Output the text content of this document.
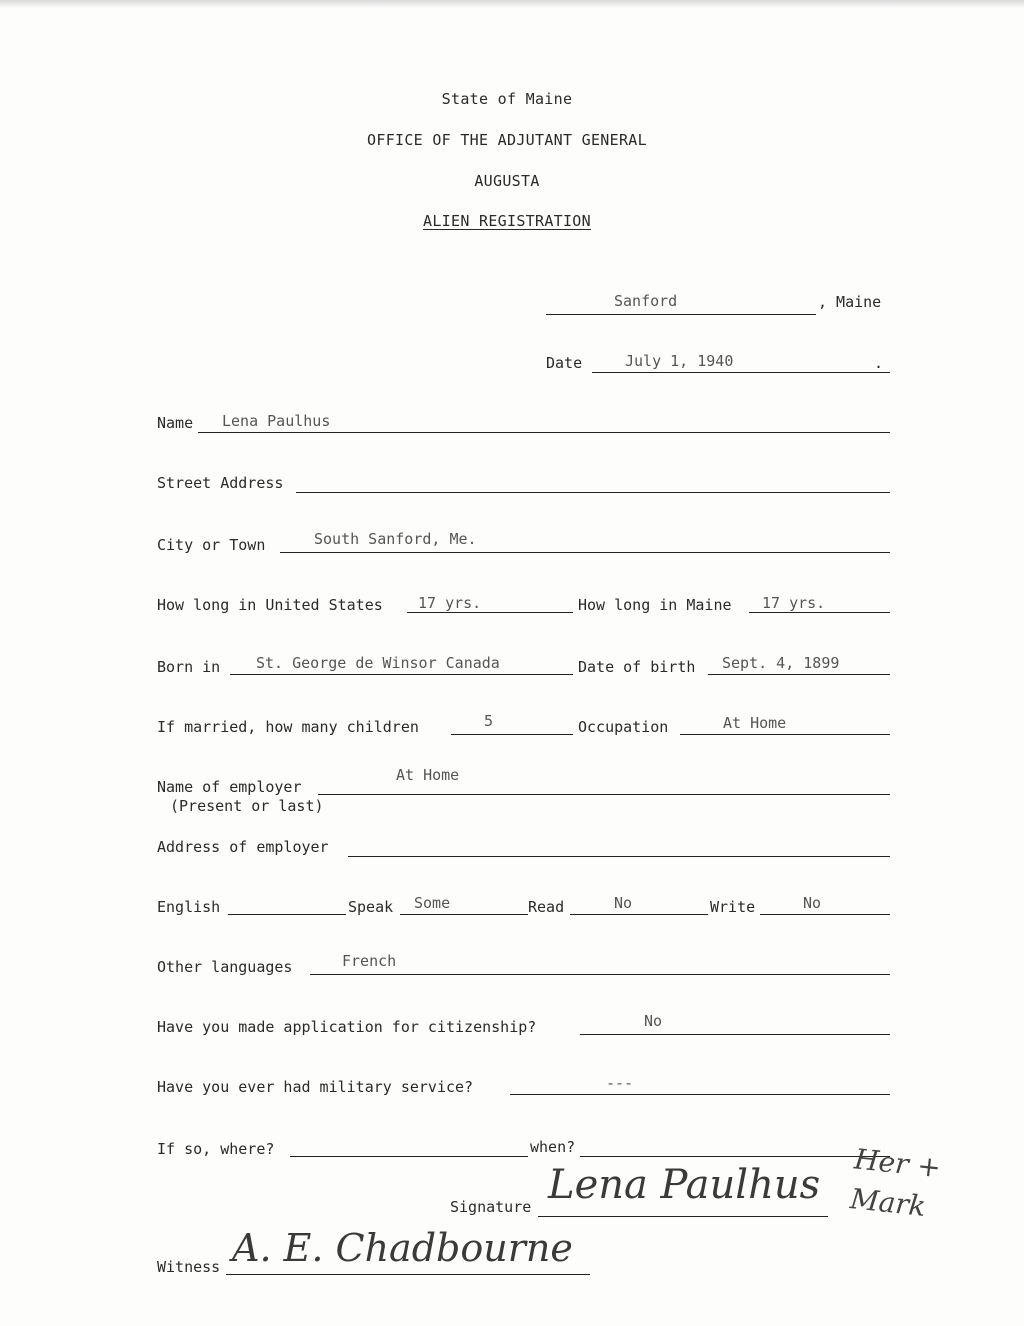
State of Maine
OFFICE OF THE ADJUTANT GENERAL
AUGUSTA
ALIEN REGISTRATION
Sanford	, Maine
Date	July 1, 1940	.
Name Lena Paulhus
Street Address
City or Town	South Sanford, Me.
How long in United States 17 yrs.	How long in Maine 17 yrs.
Born in St. George de Winsor Canada	Date of birth Sept. 4, 1899
If married, how many children	5	Occupation	At Home
Name of employer
(Present or last)
At Home
Address of employer
English	Speak Some	Read	No	Write	No
Other languages	French
Have you made application for citizenship?	No
Have you ever had military service?	---
If so, where?	when?
Signature Lena Paulhus Her + Mark
Witness A. E. Chadbourne
